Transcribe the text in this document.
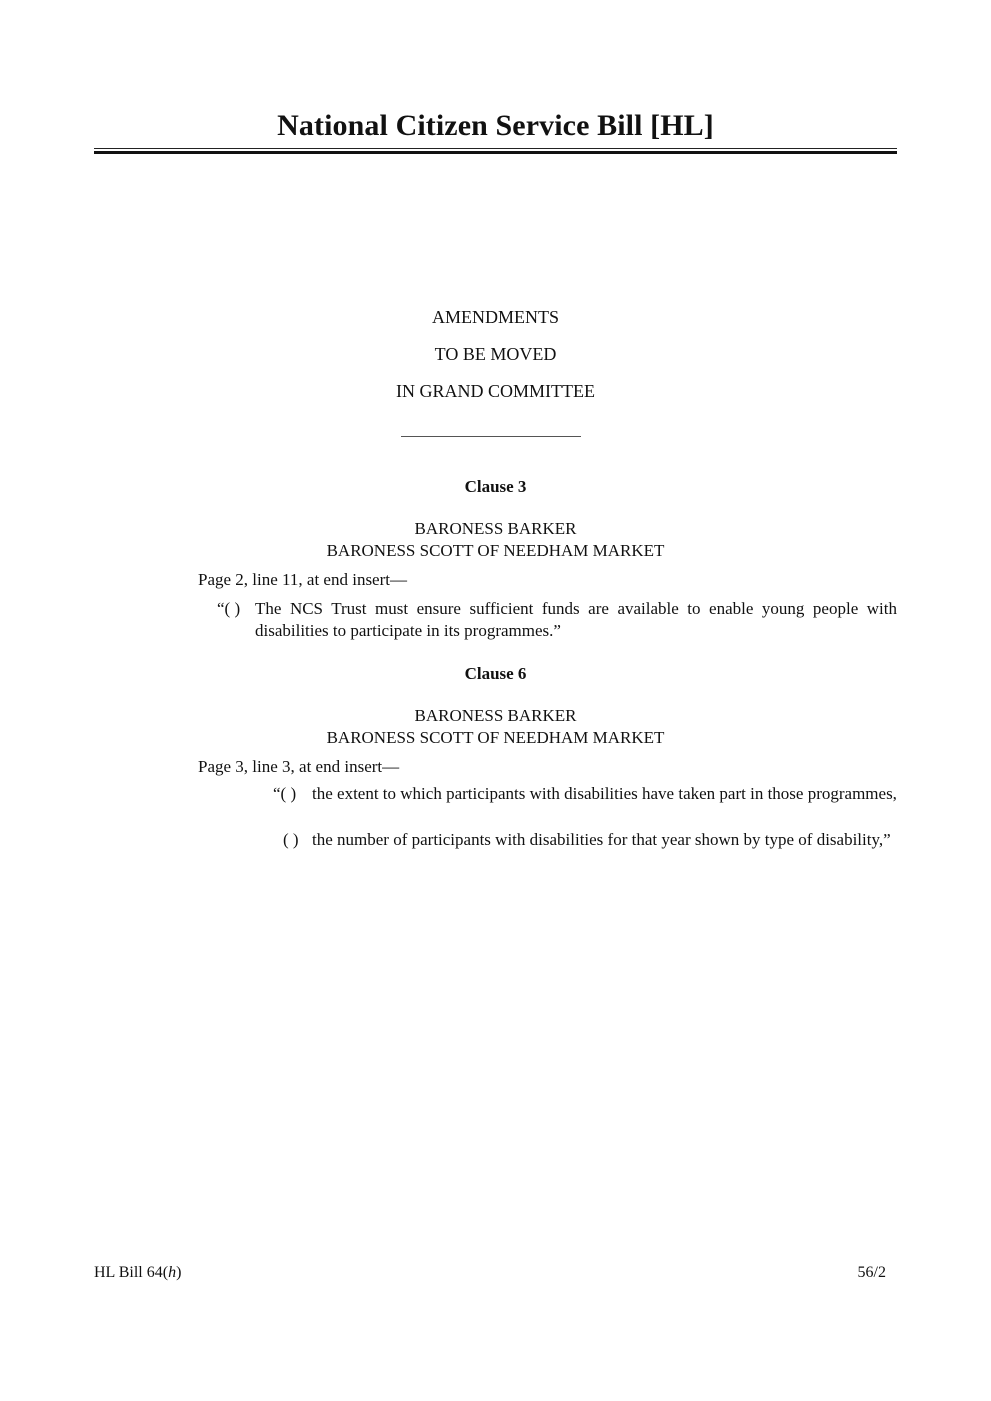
National Citizen Service Bill [HL]
AMENDMENTS
TO BE MOVED
IN GRAND COMMITTEE
Clause 3
BARONESS BARKER
BARONESS SCOTT OF NEEDHAM MARKET
Page 2, line 11, at end insert—
“( ) The NCS Trust must ensure sufficient funds are available to enable young people with disabilities to participate in its programmes.”
Clause 6
BARONESS BARKER
BARONESS SCOTT OF NEEDHAM MARKET
Page 3, line 3, at end insert—
“( ) the extent to which participants with disabilities have taken part in those programmes,
( ) the number of participants with disabilities for that year shown by type of disability,”
HL Bill 64(h)	56/2
